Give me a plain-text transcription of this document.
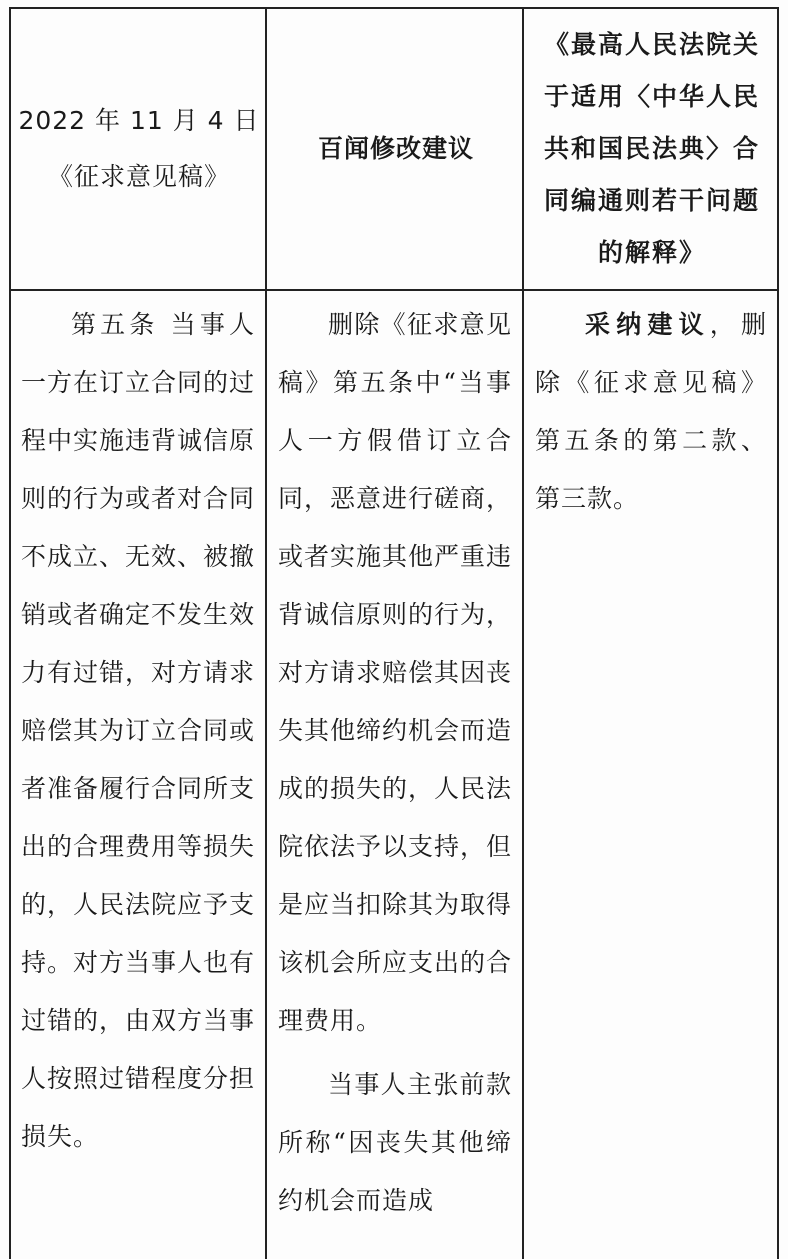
2022 年 11 月 4 日
《征求意见稿》
百闻修改建议
《最高人民法院关于适用〈中华人民共和国民法典〉合同编通则若干问题的解释》

第五条 当事人一方在订立合同的过程中实施违背诚信原则的行为或者对合同不成立、无效、被撤销或者确定不发生效力有过错，对方请求赔偿其为订立合同或者准备履行合同所支出的合理费用等损失的，人民法院应予支持。对方当事人也有过错的，由双方当事人按照过错程度分担损失。

删除《征求意见稿》第五条中“当事人一方假借订立合同，恶意进行磋商，或者实施其他严重违背诚信原则的行为，对方请求赔偿其因丧失其他缔约机会而造成的损失的，人民法院依法予以支持，但是应当扣除其为取得该机会所应支出的合理费用。

当事人主张前款所称“因丧失其他缔约机会而造成

采纳建议，删除《征求意见稿》第五条的第二款、第三款。
